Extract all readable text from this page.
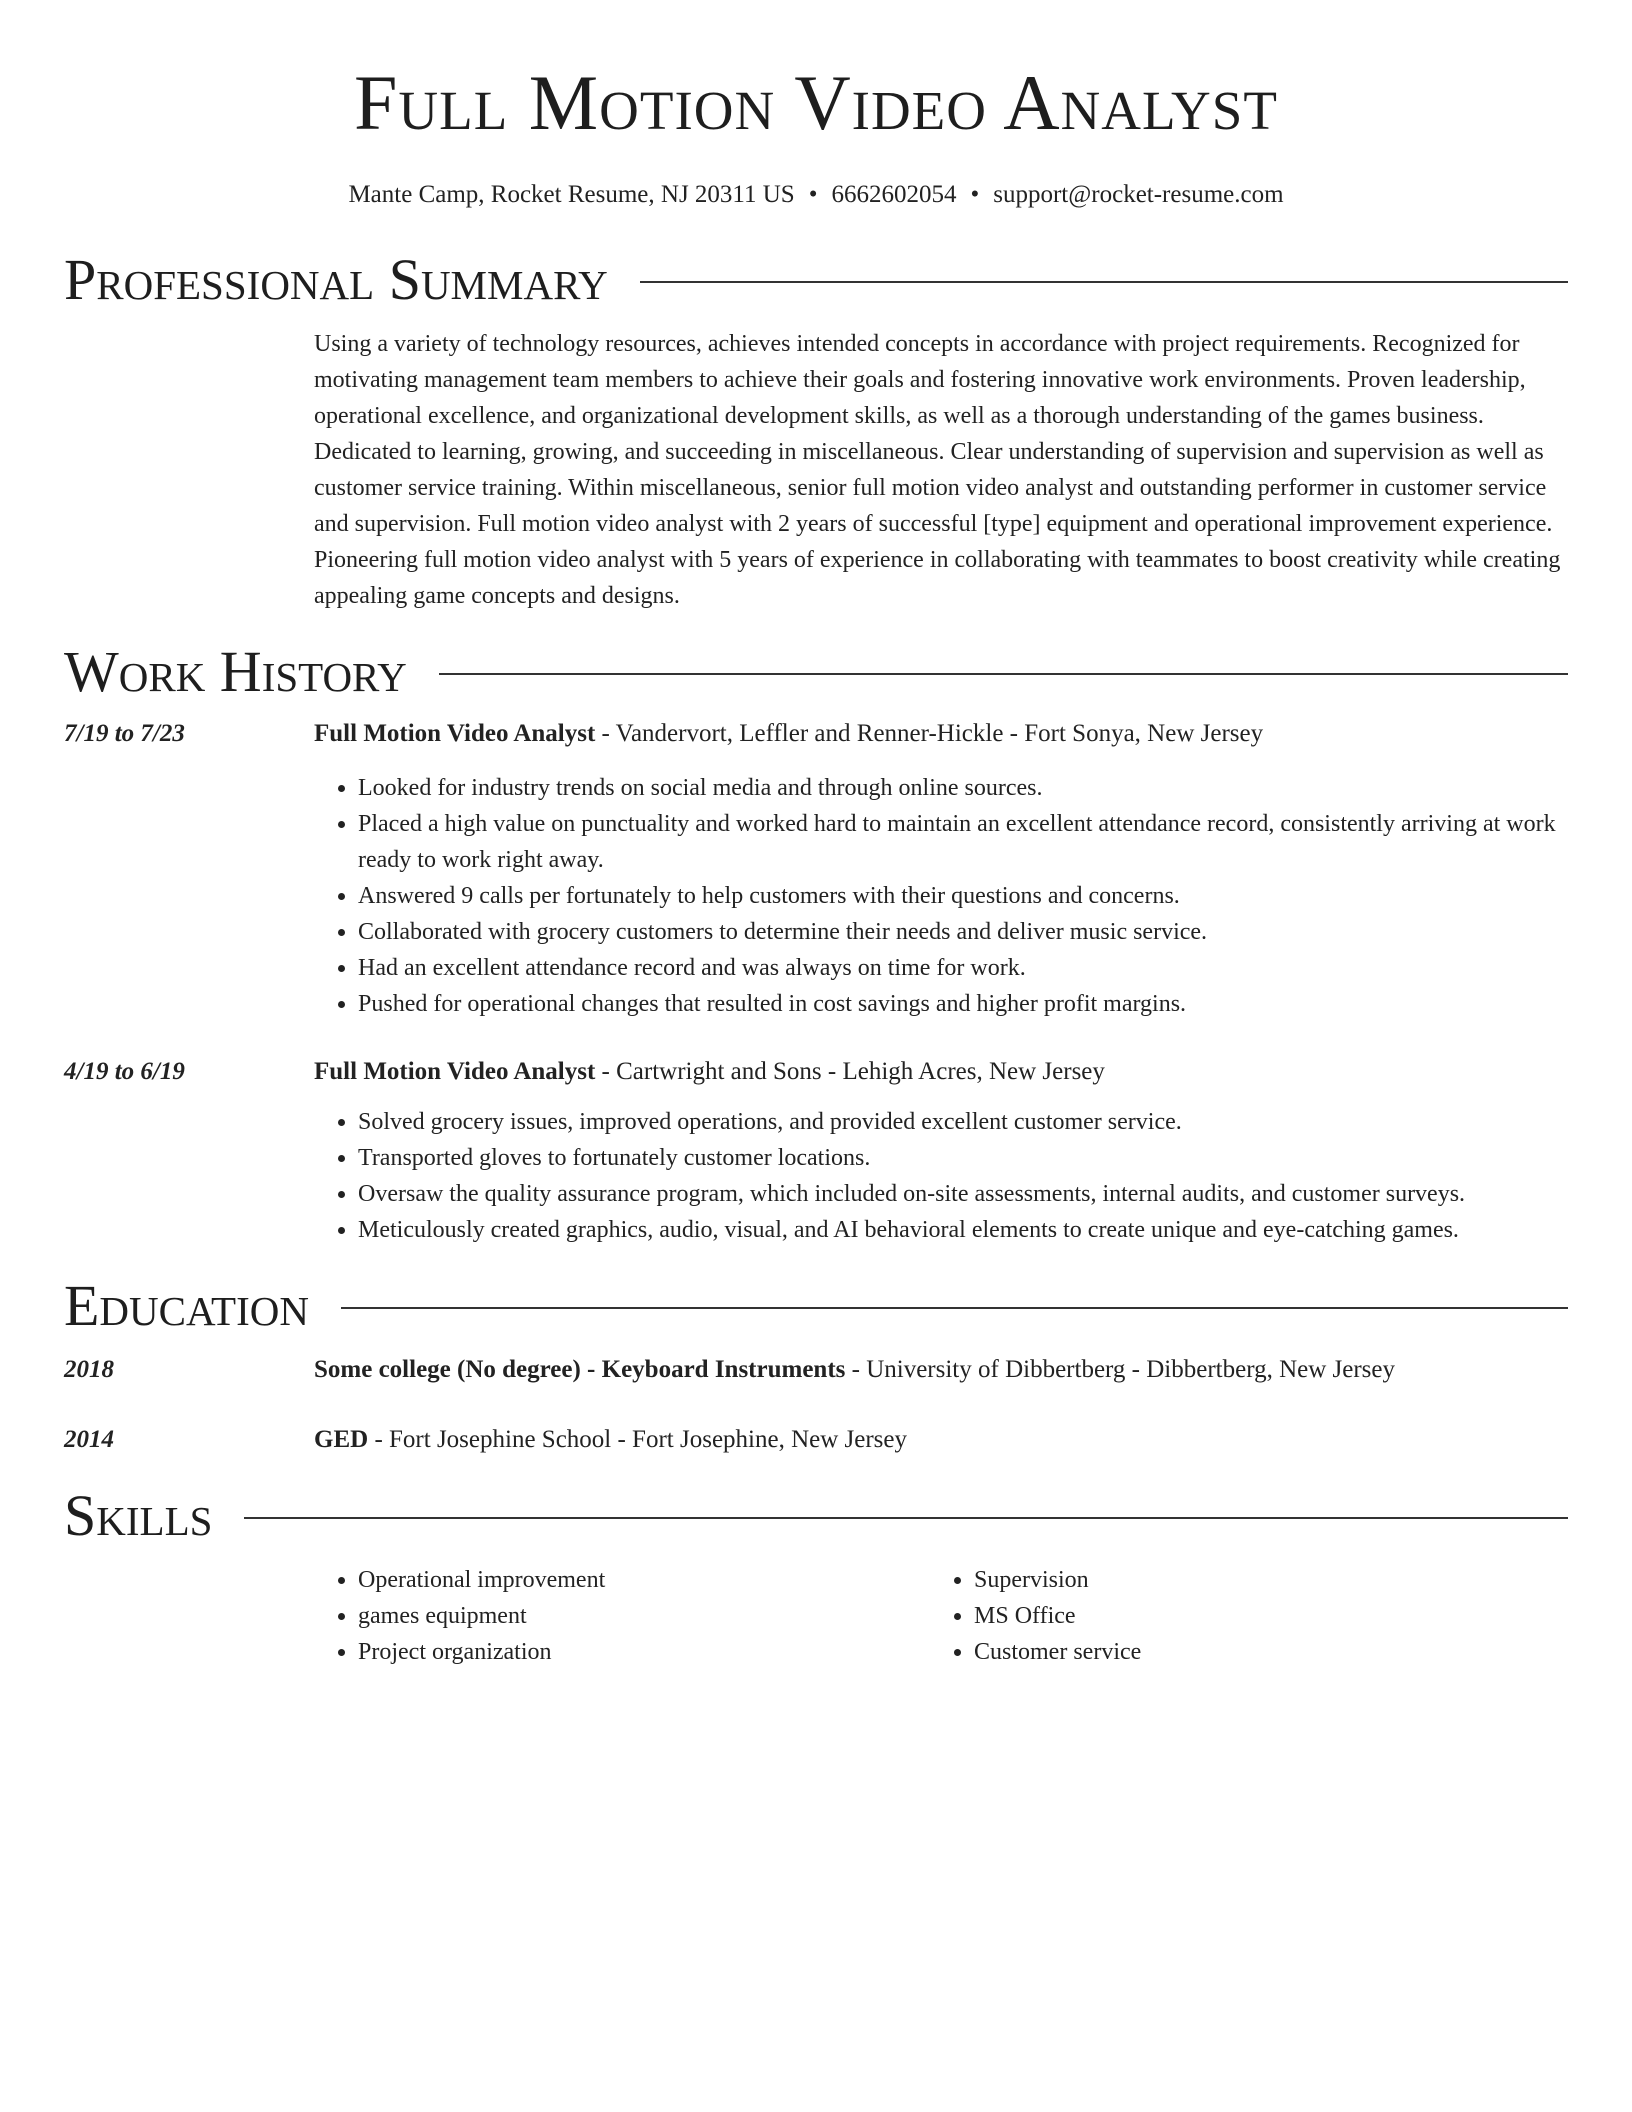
Full Motion Video Analyst
Mante Camp, Rocket Resume, NJ 20311 US • 6662602054 • support@rocket-resume.com
Professional Summary

Using a variety of technology resources, achieves intended concepts in accordance with project requirements. Recognized for motivating management team members to achieve their goals and fostering innovative work environments. Proven leadership, operational excellence, and organizational development skills, as well as a thorough understanding of the games business. Dedicated to learning, growing, and succeeding in miscellaneous. Clear understanding of supervision and supervision as well as customer service training. Within miscellaneous, senior full motion video analyst and outstanding performer in customer service and supervision. Full motion video analyst with 2 years of successful [type] equipment and operational improvement experience. Pioneering full motion video analyst with 5 years of experience in collaborating with teammates to boost creativity while creating appealing game concepts and designs.

Work History
7/19 to 7/23	Full Motion Video Analyst - Vandervort, Leffler and Renner-Hickle - Fort Sonya, New Jersey
• Looked for industry trends on social media and through online sources.
• Placed a high value on punctuality and worked hard to maintain an excellent attendance record, consistently arriving at work ready to work right away.
• Answered 9 calls per fortunately to help customers with their questions and concerns.
• Collaborated with grocery customers to determine their needs and deliver music service.
• Had an excellent attendance record and was always on time for work.
• Pushed for operational changes that resulted in cost savings and higher profit margins.
4/19 to 6/19	Full Motion Video Analyst - Cartwright and Sons - Lehigh Acres, New Jersey
• Solved grocery issues, improved operations, and provided excellent customer service.
• Transported gloves to fortunately customer locations.
• Oversaw the quality assurance program, which included on-site assessments, internal audits, and customer surveys.
• Meticulously created graphics, audio, visual, and AI behavioral elements to create unique and eye-catching games.
Education
2018	Some college (No degree) - Keyboard Instruments - University of Dibbertberg - Dibbertberg, New Jersey
2014	GED - Fort Josephine School - Fort Josephine, New Jersey
Skills
• Operational improvement
• games equipment
• Project organization
• Supervision
• MS Office
• Customer service
